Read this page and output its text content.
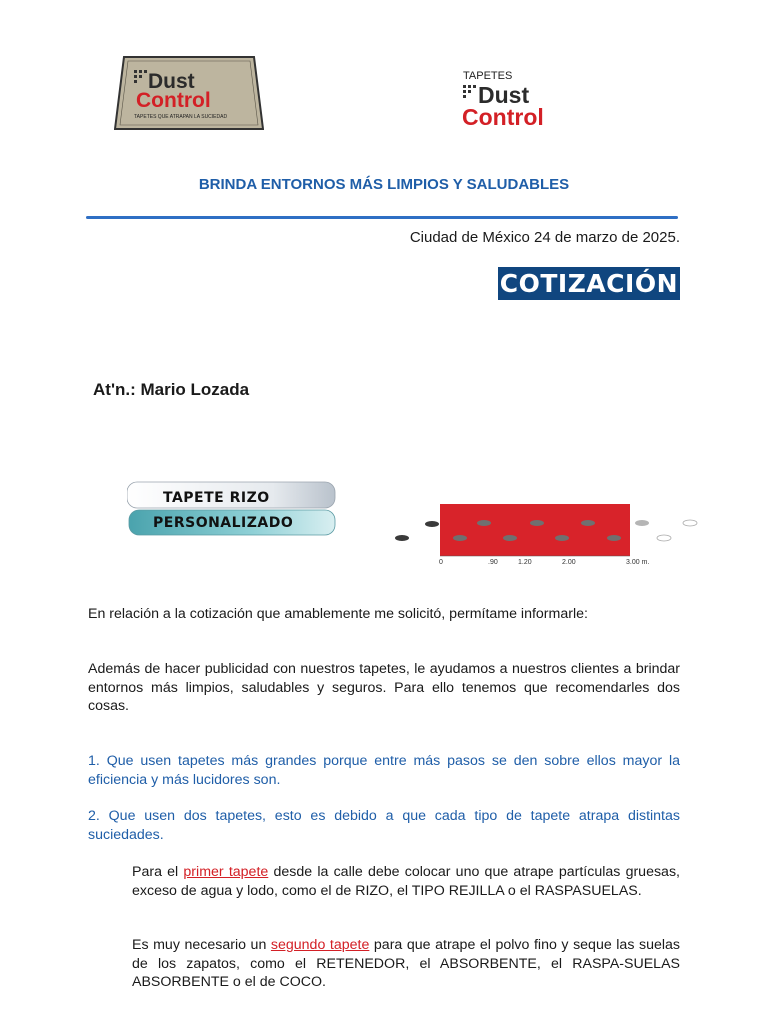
Dust
Control
TAPETES QUE ATRAPAN LA SUCIEDAD
TAPETES
Dust
Control
BRINDA ENTORNOS MÁS LIMPIOS Y SALUDABLES
Ciudad de México 24 de marzo de 2025.
COTIZACIÓN
At'n.: Mario Lozada
TAPETE RIZO
PERSONALIZADO
0	.90	1.20	2.00	3.00 m.

En relación a la cotización que amablemente me solicitó, permítame informarle:

Además de hacer publicidad con nuestros tapetes, le ayudamos a nuestros clientes a brindar entornos más limpios, saludables y seguros. Para ello tenemos que recomendarles dos cosas.

1. Que usen tapetes más grandes porque entre más pasos se den sobre ellos mayor la eficiencia y más lucidores son.

2. Que usen dos tapetes, esto es debido a que cada tipo de tapete atrapa distintas suciedades.

Para el primer tapete desde la calle debe colocar uno que atrape partículas gruesas, exceso de agua y lodo, como el de RIZO, el TIPO REJILLA o el RASPASUELAS.

Es muy necesario un segundo tapete para que atrape el polvo fino y seque las suelas de los zapatos, como el RETENEDOR, el ABSORBENTE, el RASPA-SUELAS ABSORBENTE o el de COCO.
